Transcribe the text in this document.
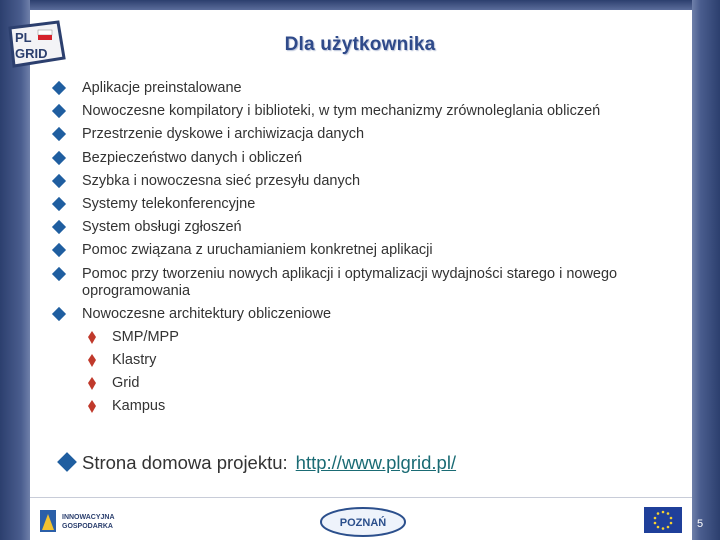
PL
GRID	Dla użytkownika
Aplikacje preinstalowane
Nowoczesne kompilatory i biblioteki, w tym mechanizmy zrównoleglania obliczeń
Przestrzenie dyskowe i archiwizacja danych
Bezpieczeństwo danych i obliczeń
Szybka i nowoczesna sieć przesyłu danych
Systemy telekonferencyjne
System obsługi zgłoszeń
Pomoc związana z uruchamianiem konkretnej aplikacji
Pomoc przy tworzeniu nowych aplikacji i optymalizacji wydajności starego i nowego oprogramowania
Nowoczesne architektury obliczeniowe
SMP/MPP
Klastry
Grid
Kampus
Strona domowa projektu: http://www.plgrid.pl/
INNOWACYJNA
GOSPODARKA	POZNAŃ	5
